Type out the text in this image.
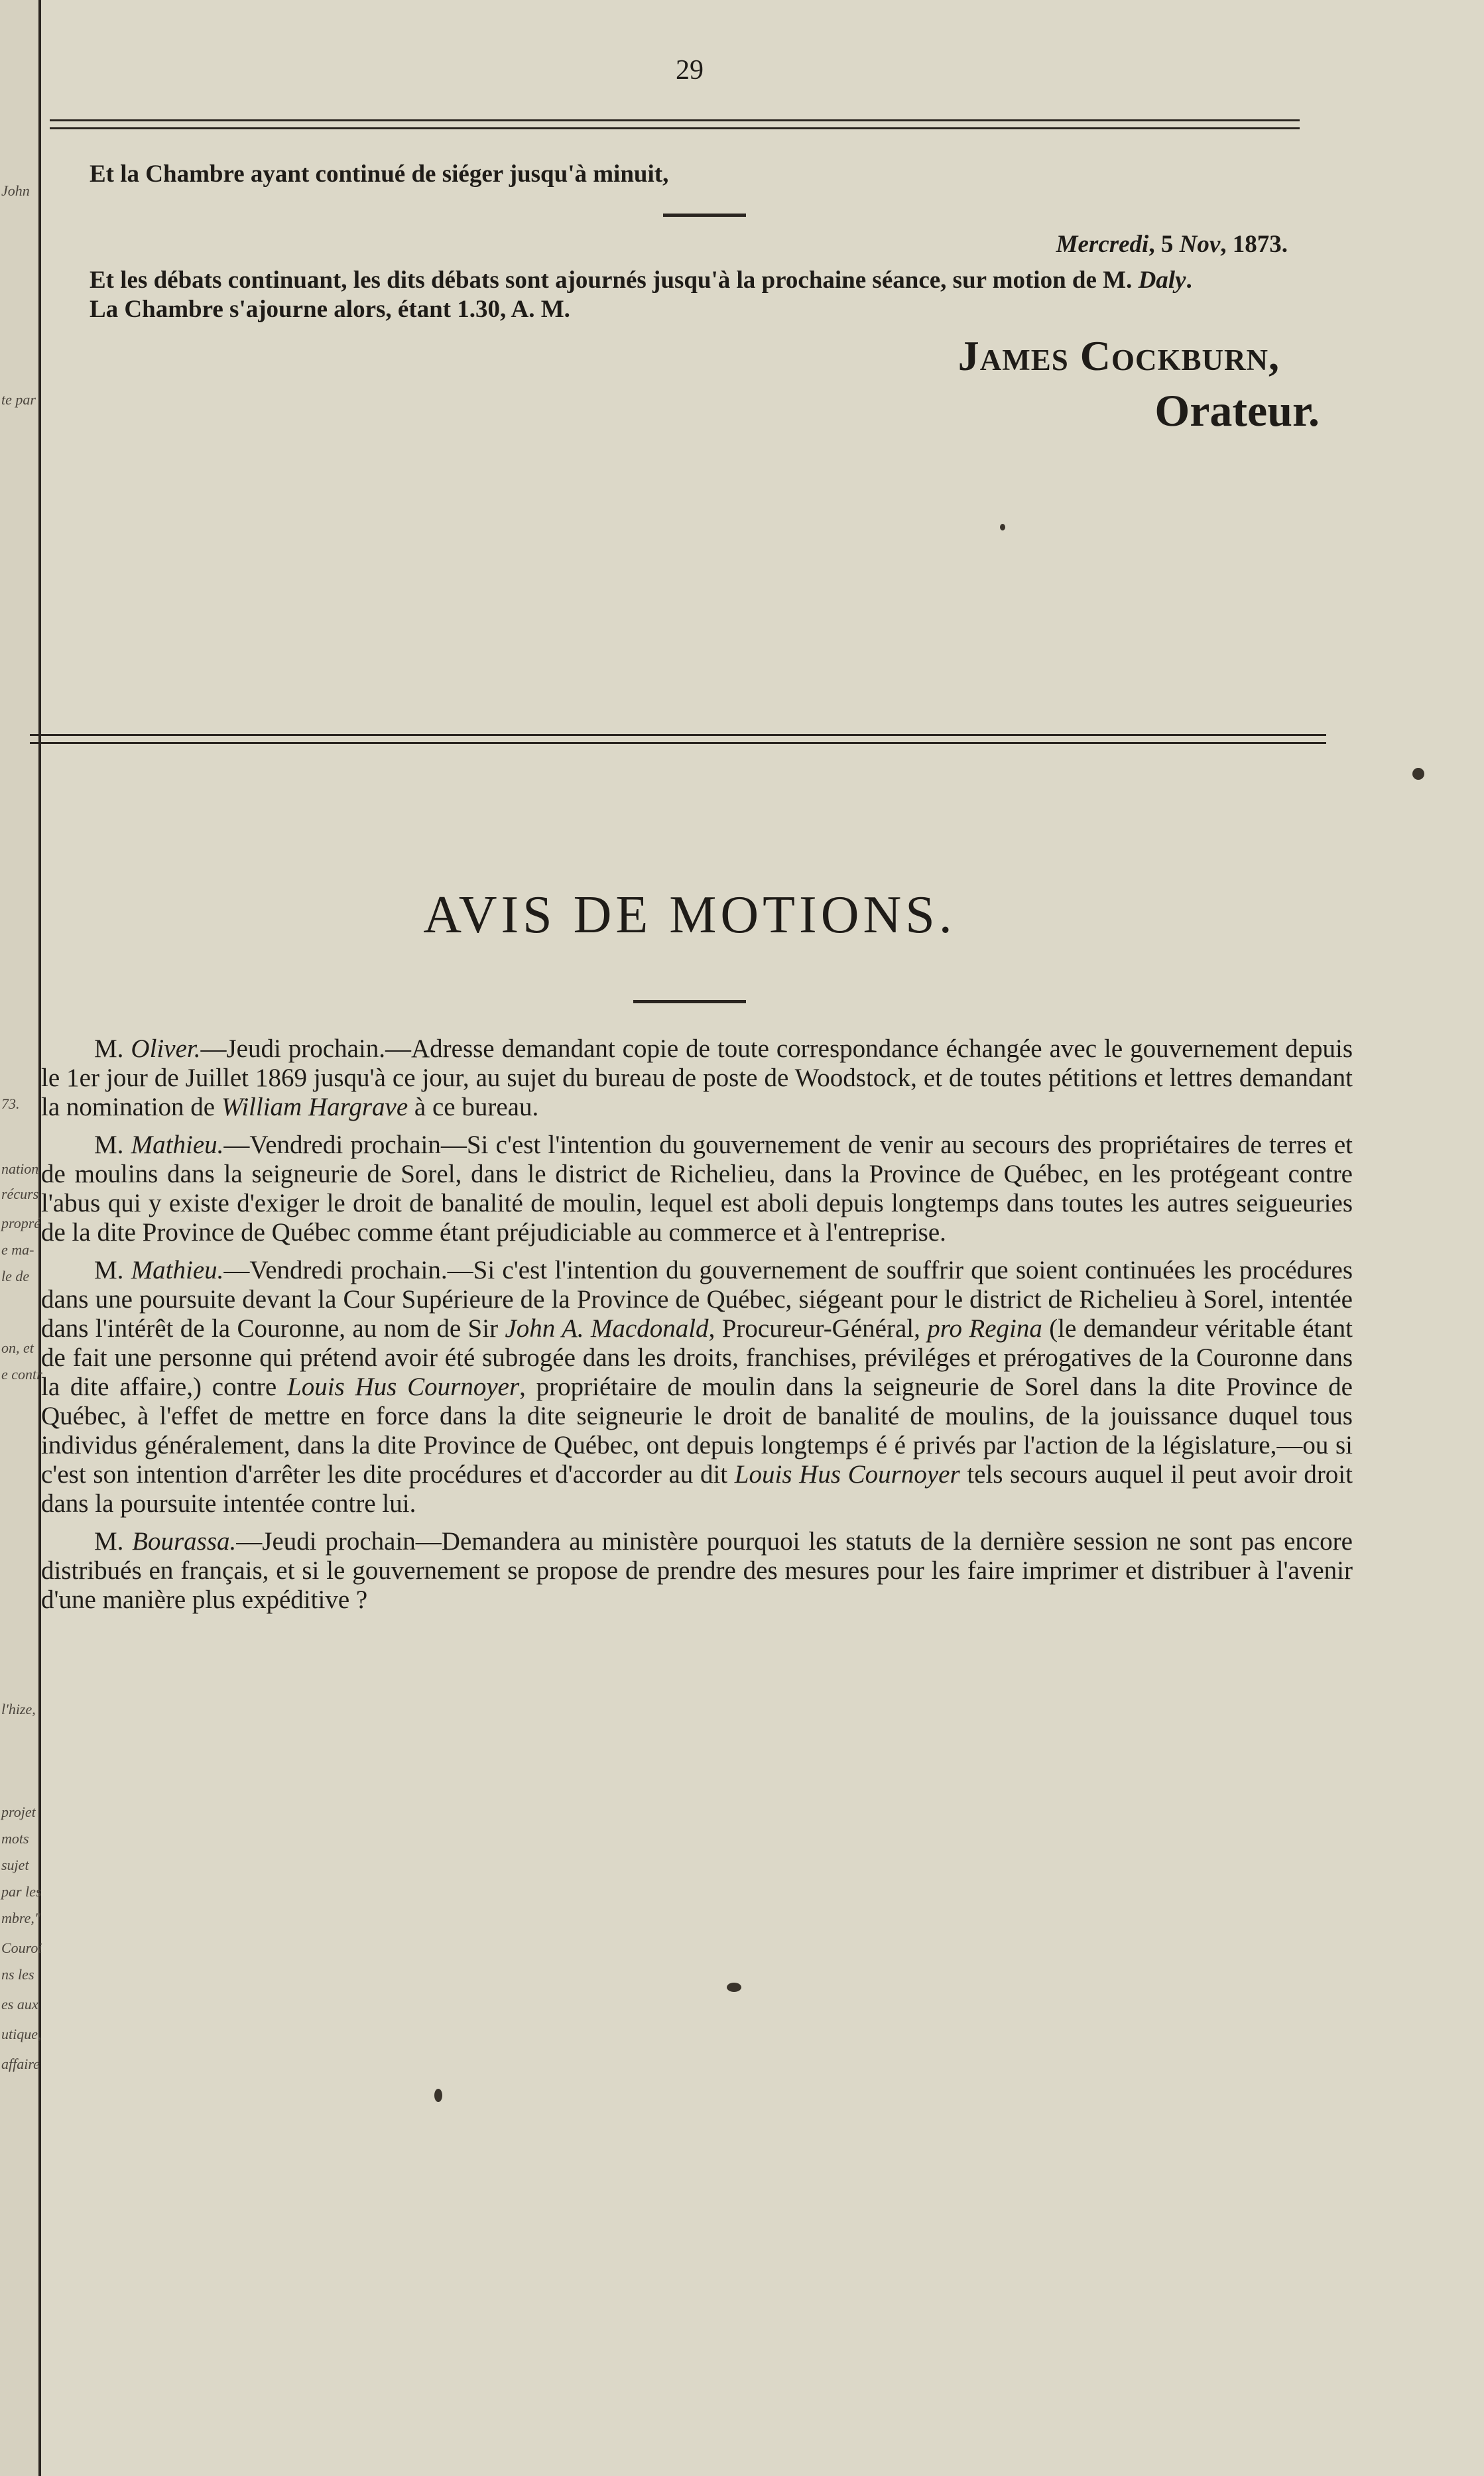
John
te par
73.
nation
récurs
propré
e ma-
le de
on, et
e contr
l'hize,
projet
mots
sujet
par les
mbre,"
Couroi
ns les
es aux
utique,
affaire
29
Et la Chambre ayant continué de siéger jusqu'à minuit,
Mercredi, 5 Nov, 1873.
Et les débats continuant, les dits débats sont ajournés jusqu'à la prochaine séance, sur motion de M. Daly.
La Chambre s'ajourne alors, étant 1.30, A. M.
James Cockburn,
Orateur.
AVIS DE MOTIONS.

M. Oliver.—Jeudi prochain.—Adresse demandant copie de toute correspondance échangée avec le gouvernement depuis le 1er jour de Juillet 1869 jusqu'à ce jour, au sujet du bureau de poste de Woodstock, et de toutes pétitions et lettres demandant la nomination de William Hargrave à ce bureau.

M. Mathieu.—Vendredi prochain—Si c'est l'intention du gouvernement de venir au secours des propriétaires de terres et de moulins dans la seigneurie de Sorel, dans le district de Richelieu, dans la Province de Québec, en les protégeant contre l'abus qui y existe d'exiger le droit de banalité de moulin, lequel est aboli depuis longtemps dans toutes les autres seigueuries de la dite Province de Québec comme étant préjudiciable au commerce et à l'entreprise.

M. Mathieu.—Vendredi prochain.—Si c'est l'intention du gouvernement de souffrir que soient continuées les procédures dans une poursuite devant la Cour Supérieure de la Province de Québec, siégeant pour le district de Richelieu à Sorel, intentée dans l'intérêt de la Couronne, au nom de Sir John A. Macdonald, Procureur-Général, pro Regina (le demandeur véritable étant de fait une personne qui prétend avoir été subrogée dans les droits, franchises, préviléges et prérogatives de la Couronne dans la dite affaire,) contre Louis Hus Cournoyer, propriétaire de moulin dans la seigneurie de Sorel dans la dite Province de Québec, à l'effet de mettre en force dans la dite seigneurie le droit de banalité de moulins, de la jouissance duquel tous individus généralement, dans la dite Province de Québec, ont depuis longtemps é é privés par l'action de la législature,—ou si c'est son intention d'arrêter les dite procédures et d'accorder au dit Louis Hus Cournoyer tels secours auquel il peut avoir droit dans la poursuite intentée contre lui.

M. Bourassa.—Jeudi prochain—Demandera au ministère pourquoi les statuts de la dernière session ne sont pas encore distribués en français, et si le gouvernement se propose de prendre des mesures pour les faire imprimer et distribuer à l'avenir d'une manière plus expéditive ?
